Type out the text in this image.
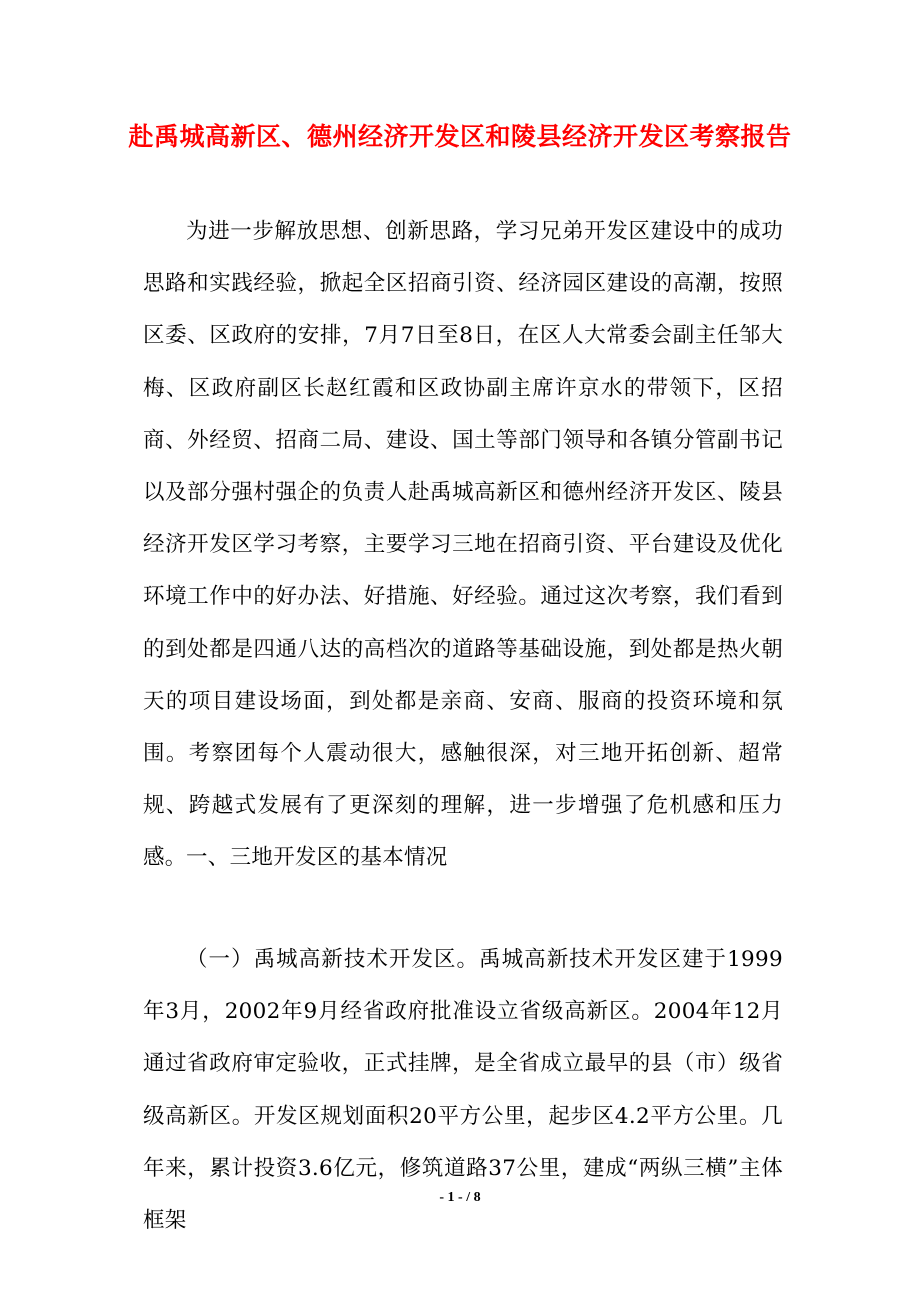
赴禹城高新区、德州经济开发区和陵县经济开发区考察报告

为进一步解放思想、创新思路，学习兄弟开发区建设中的成功思路和实践经验，掀起全区招商引资、经济园区建设的高潮，按照区委、区政府的安排，7月7日至8日，在区人大常委会副主任邹大梅、区政府副区长赵红霞和区政协副主席许京水的带领下，区招商、外经贸、招商二局、建设、国土等部门领导和各镇分管副书记以及部分强村强企的负责人赴禹城高新区和德州经济开发区、陵县经济开发区学习考察，主要学习三地在招商引资、平台建设及优化环境工作中的好办法、好措施、好经验。通过这次考察，我们看到的到处都是四通八达的高档次的道路等基础设施，到处都是热火朝天的项目建设场面，到处都是亲商、安商、服商的投资环境和氛围。考察团每个人震动很大，感触很深，对三地开拓创新、超常规、跨越式发展有了更深刻的理解，进一步增强了危机感和压力感。 一、三地开发区的基本情况

（一）禹城高新技术开发区。禹城高新技术开发区建于1999年3月，2002年9月经省政府批准设立省级高新区。2004年12月通过省政府审定验收，正式挂牌，是全省成立最早的县（市）级省级高新区。开发区规划面积20平方公里，起步区4.2平方公里。几年来，累计投资3.6亿元，修筑道路37公里，建成“两纵三横”主体框架

- 1 - / 8
